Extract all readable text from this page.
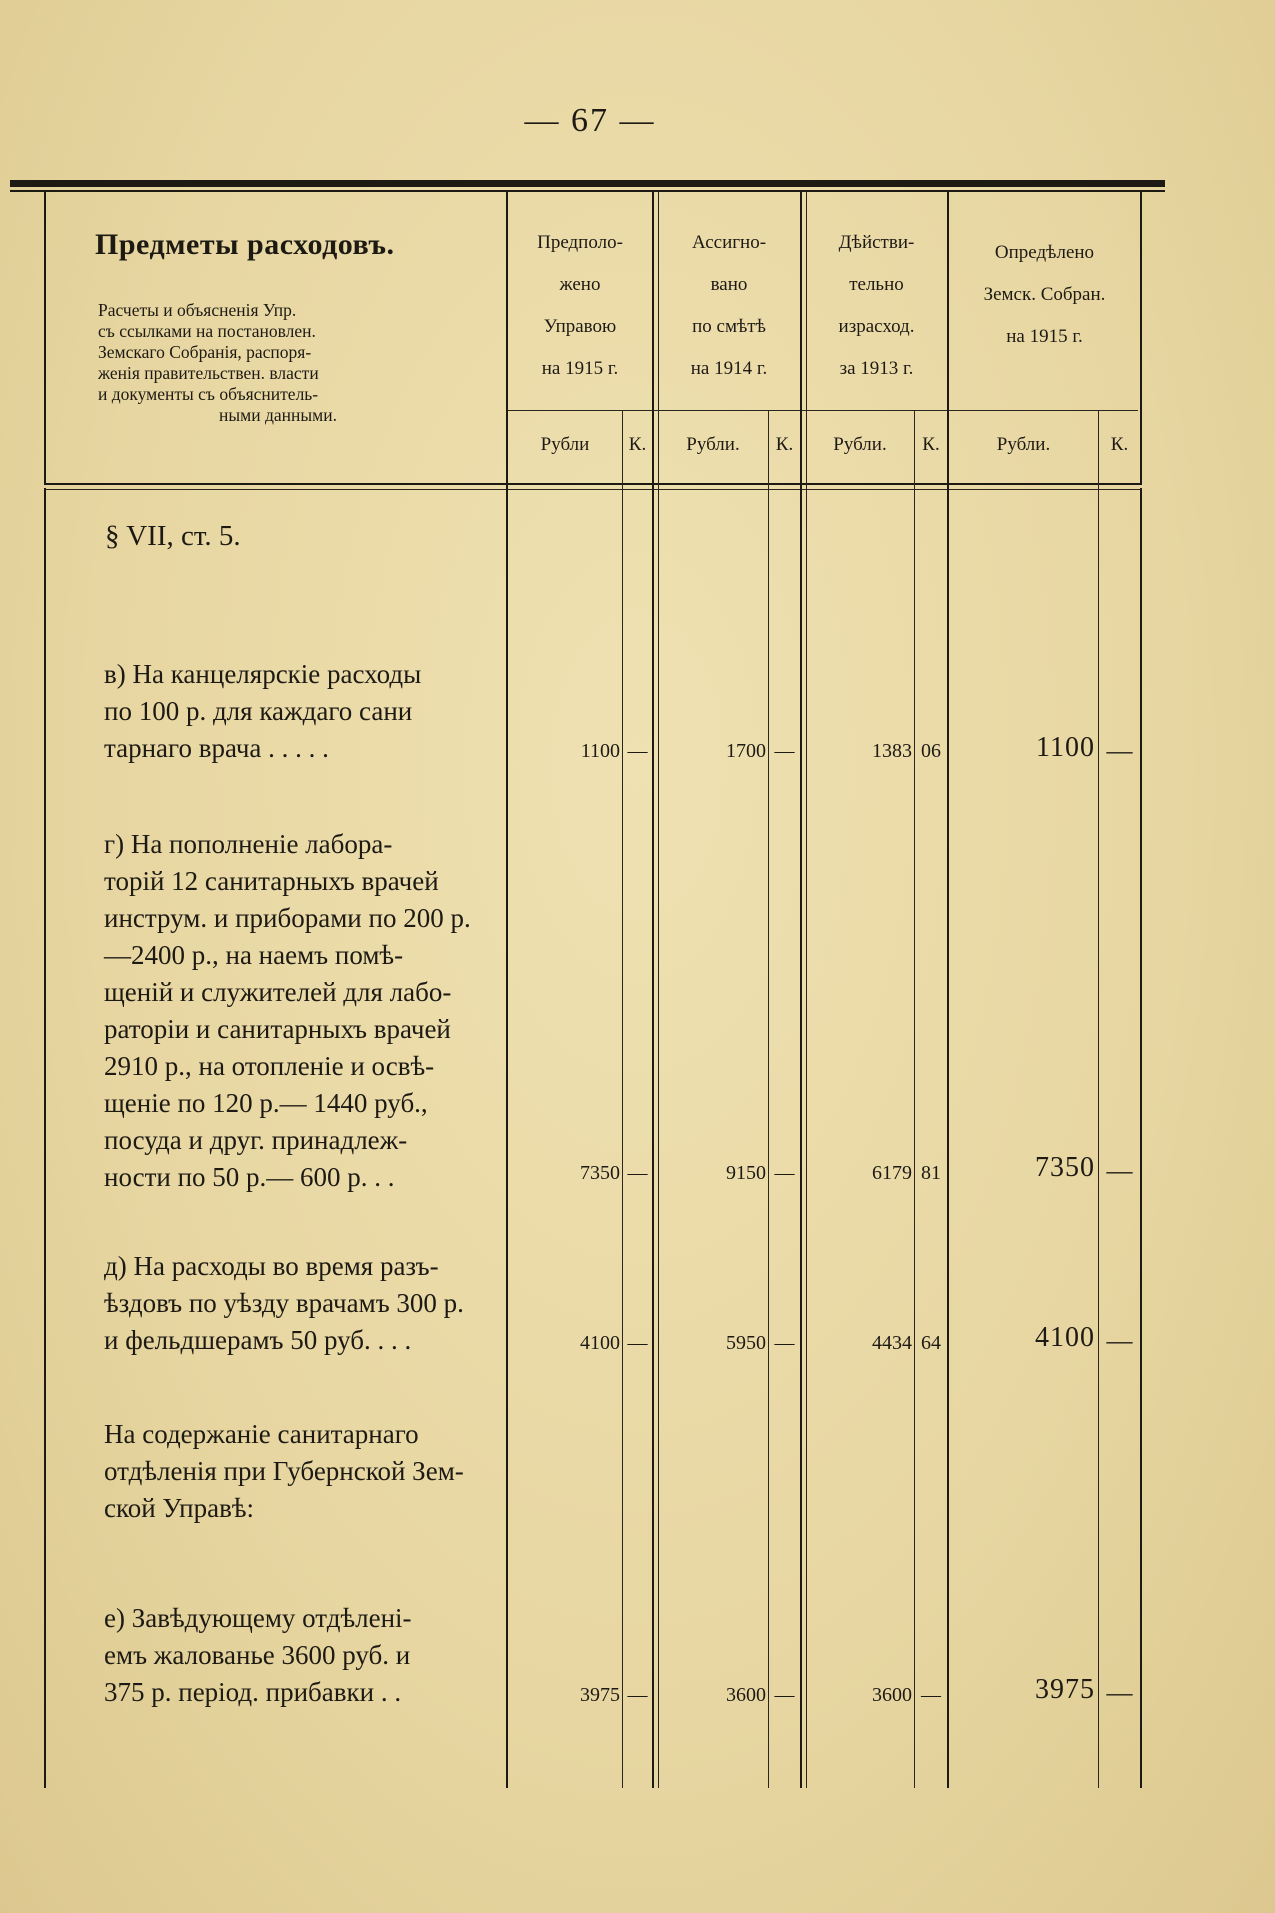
— 67 —
Предметы расходовъ.
Расчеты и объясненія Упр.
съ ссылками на постановлен.
Земскаго Собранія, распоря-
женія правительствен. власти
и документы съ объяснитель-
ными данными.
Предполо-
жено
Управою
на 1915 г.
Ассигно-
вано
по смѣтѣ
на 1914 г.
Дѣйстви-
тельно
израсход.
за 1913 г.
Опредѣлено
Земск. Собран.
на 1915 г.
Рубли	К.	Рубли.	К.	Рубли.	К.	Рубли.	К.
§ VII, ст. 5.
в) На канцелярскіе расходы
по 100 р. для каждаго сани
тарнаго врача . . . . .	1100 —	1700 —	1383 06	1100 —
г) На пополненіе лабора-
торій 12 санитарныхъ врачей
инструм. и приборами по 200 р.
—2400 р., на наемъ помѣ-
щеній и служителей для лабо-
раторіи и санитарныхъ врачей
2910 р., на отопленіе и освѣ-
щеніе по 120 р.— 1440 руб.,
посуда и друг. принадлеж-
ности по 50 р.— 600 р. . .	7350 —	9150 —	6179 81	7350 —
д) На расходы во время разъ-
ѣздовъ по уѣзду врачамъ 300 р.
и фельдшерамъ 50 руб. . . .	4100 —	5950 —	4434 64	4100 —
На содержаніе санитарнаго
отдѣленія при Губернской Зем-
ской Управѣ:
е) Завѣдующему отдѣлені-
емъ жалованье 3600 руб. и
375 р. період. прибавки . .	3975 —	3600 —	3600 —	3975 —
